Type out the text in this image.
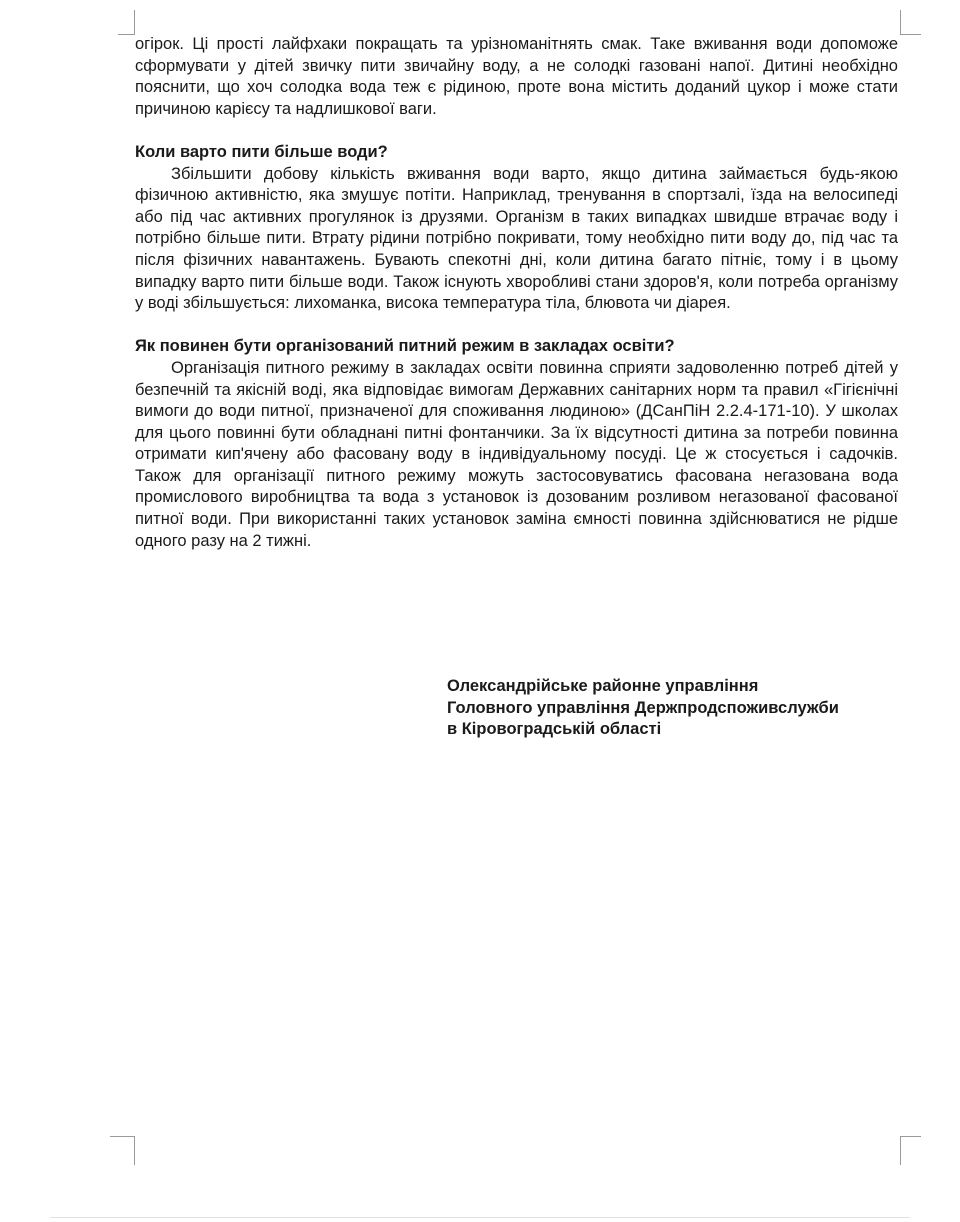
огірок. Ці прості лайфхаки покращать та урізноманітнять смак. Таке вживання води допоможе сформувати у дітей звичку пити звичайну воду, а не солодкі газовані напої. Дитині необхідно пояснити, що хоч солодка вода теж є рідиною, проте вона містить доданий цукор і може стати причиною карієсу та надлишкової ваги.

Коли варто пити більше води?

Збільшити добову кількість вживання води варто, якщо дитина займається будь-якою фізичною активністю, яка змушує потіти. Наприклад, тренування в спортзалі, їзда на велосипеді або під час активних прогулянок із друзями. Організм в таких випадках швидше втрачає воду і потрібно більше пити. Втрату рідини потрібно покривати, тому необхідно пити воду до, під час та після фізичних навантажень. Бувають спекотні дні, коли дитина багато пітніє, тому і в цьому випадку варто пити більше води. Також існують хворобливі стани здоров'я, коли потреба організму у воді збільшується: лихоманка, висока температура тіла, блювота чи діарея.

Як повинен бути організований питний режим в закладах освіти?

Організація питного режиму в закладах освіти повинна сприяти задоволенню потреб дітей у безпечній та якісній воді, яка відповідає вимогам Державних санітарних норм та правил «Гігієнічні вимоги до води питної, призначеної для споживання людиною» (ДСанПіН 2.2.4-171-10). У школах для цього повинні бути обладнані питні фонтанчики. За їх відсутності дитина за потреби повинна отримати кип'ячену або фасовану воду в індивідуальному посуді. Це ж стосується і садочків. Також для організації питного режиму можуть застосовуватись фасована негазована вода промислового виробництва та вода з установок із дозованим розливом негазованої фасованої питної води. При використанні таких установок заміна ємності повинна здійснюватися не рідше одного разу на 2 тижні.

Олександрійське районне управління
Головного управління Держпродспоживслужби
в Кіровоградській області
